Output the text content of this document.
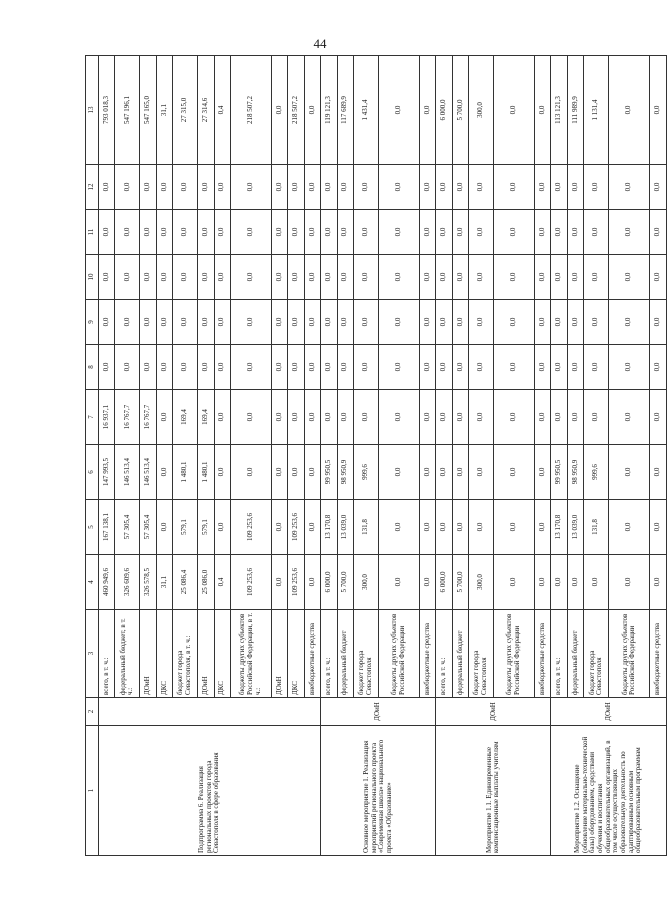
44
1	2	3	4	5	6	7	8	9	10	11	12	13
Подпрограмма 6. Реализация региональных проектов города Севастополя в сфере образования		всего, в т. ч.:	460 949,6	167 138,1	147 993,5	16 937,1	0,0	0,0	0,0	0,0	0,0	793 018,3
		федеральный бюджет, в т. ч.:	326 609,6	57 305,4	146 513,4	16 767,7	0,0	0,0	0,0	0,0	0,0	547 196,1
		ДОиН	326 578,5	57 305,4	146 513,4	16 767,7	0,0	0,0	0,0	0,0	0,0	547 165,0
		ДКС	31,1	0,0	0,0	0,0	0,0	0,0	0,0	0,0	0,0	31,1
		бюджет города Севастополя, в т. ч.:	25 086,4	579,1	1 480,1	169,4	0,0	0,0	0,0	0,0	0,0	27 315,0
		ДОиН	25 086,0	579,1	1 480,1	169,4	0,0	0,0	0,0	0,0	0,0	27 314,6
		ДКС	0,4	0,0	0,0	0,0	0,0	0,0	0,0	0,0	0,0	0,4
		бюджеты других субъектов Российской Федерации, в т. ч.:	109 253,6	109 253,6	0,0	0,0	0,0	0,0	0,0	0,0	0,0	218 507,2
		ДОиН	0,0	0,0	0,0	0,0	0,0	0,0	0,0	0,0	0,0	0,0
		ДКС	109 253,6	109 253,6	0,0	0,0	0,0	0,0	0,0	0,0	0,0	218 507,2
		внебюджетные средства	0,0	0,0	0,0	0,0	0,0	0,0	0,0	0,0	0,0	0,0
Основное мероприятие 1. Реализация мероприятий регионального проекта «Современная школа» национального проекта «Образование»	ДОиН	всего, в т. ч.:	6 000,0	13 170,8	99 950,5	0,0	0,0	0,0	0,0	0,0	0,0	119 121,3
		федеральный бюджет	5 700,0	13 039,0	98 950,9	0,0	0,0	0,0	0,0	0,0	0,0	117 689,9
		бюджет города Севастополя	300,0	131,8	999,6	0,0	0,0	0,0	0,0	0,0	0,0	1 431,4
		бюджеты других субъектов Российской Федерации	0,0	0,0	0,0	0,0	0,0	0,0	0,0	0,0	0,0	0,0
		внебюджетные средства	0,0	0,0	0,0	0,0	0,0	0,0	0,0	0,0	0,0	0,0
Мероприятие 1.1. Единовременные компенсационные выплаты учителям	ДОиН	всего, в т. ч.:	6 000,0	0,0	0,0	0,0	0,0	0,0	0,0	0,0	0,0	6 000,0
		федеральный бюджет	5 700,0	0,0	0,0	0,0	0,0	0,0	0,0	0,0	0,0	5 700,0
		бюджет города Севастополя	300,0	0,0	0,0	0,0	0,0	0,0	0,0	0,0	0,0	300,0
		бюджеты других субъектов Российской Федерации	0,0	0,0	0,0	0,0	0,0	0,0	0,0	0,0	0,0	0,0
		внебюджетные средства	0,0	0,0	0,0	0,0	0,0	0,0	0,0	0,0	0,0	0,0
Мероприятие 1.2. Оснащение (обновление материально-технической базы) оборудованием, средствами обучения и воспитания общеобразовательных организаций, в том числе осуществляющих образовательную деятельность по адаптированным основным общеобразовательным программам	ДОиН	всего, в т. ч.:	0,0	13 170,8	99 950,5	0,0	0,0	0,0	0,0	0,0	0,0	113 121,3
		федеральный бюджет	0,0	13 039,0	98 950,9	0,0	0,0	0,0	0,0	0,0	0,0	111 989,9
		бюджет города Севастополя	0,0	131,8	999,6	0,0	0,0	0,0	0,0	0,0	0,0	1 131,4
		бюджеты других субъектов Российской Федерации	0,0	0,0	0,0	0,0	0,0	0,0	0,0	0,0	0,0	0,0
		внебюджетные средства	0,0	0,0	0,0	0,0	0,0	0,0	0,0	0,0	0,0	0,0
